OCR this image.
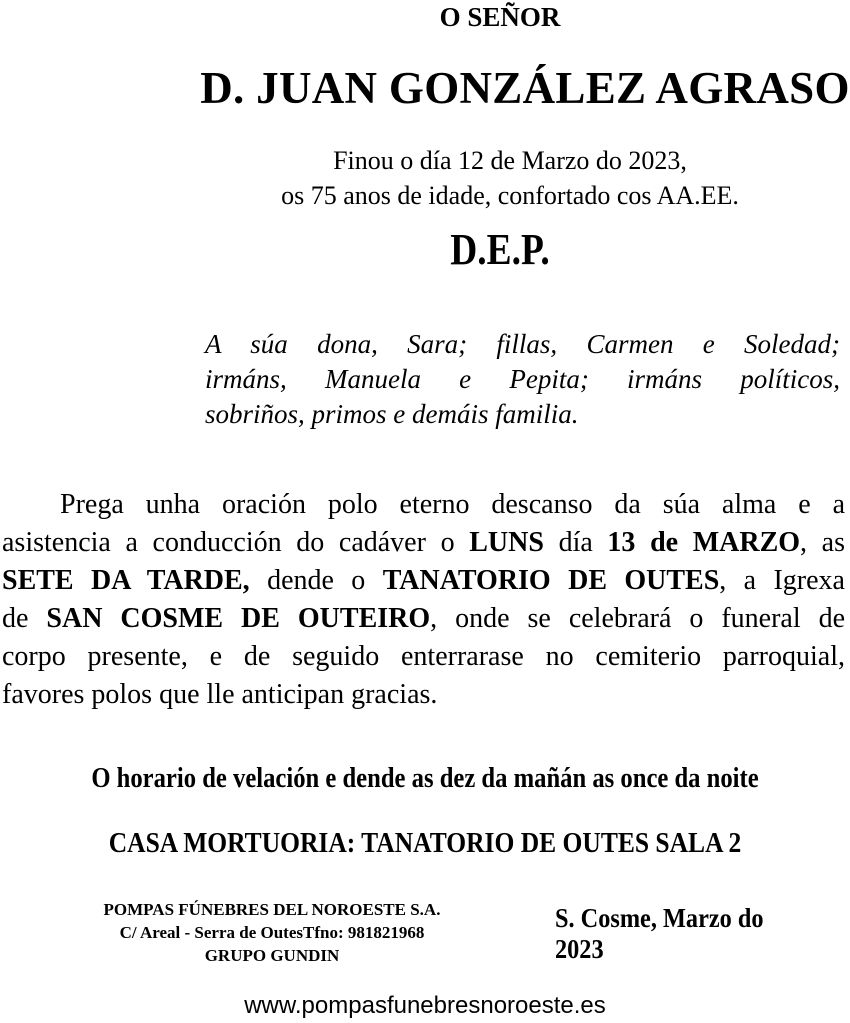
O SEÑOR
D. JUAN GONZÁLEZ AGRASO
Finou o día 12 de Marzo do 2023,
os 75 anos de idade, confortado cos AA.EE.
D.E.P.
A súa dona, Sara; fillas, Carmen e Soledad;
irmáns, Manuela e Pepita; irmáns políticos,
sobriños, primos e demáis familia.
Prega unha oración polo eterno descanso da súa alma e a
asistencia a conducción do cadáver o LUNS día 13 de MARZO, as
SETE DA TARDE, dende o TANATORIO DE OUTES, a Igrexa
de SAN COSME DE OUTEIRO, onde se celebrará o funeral de
corpo presente, e de seguido enterrarase no cemiterio parroquial,
favores polos que lle anticipan gracias.
O horario de velación e dende as dez da mañán as once da noite
CASA MORTUORIA: TANATORIO DE OUTES SALA 2
POMPAS FÚNEBRES DEL NOROESTE S.A.
C/ Areal - Serra de OutesTfno: 981821968
GRUPO GUNDIN
S. Cosme, Marzo do 2023
www.pompasfunebresnoroeste.es
